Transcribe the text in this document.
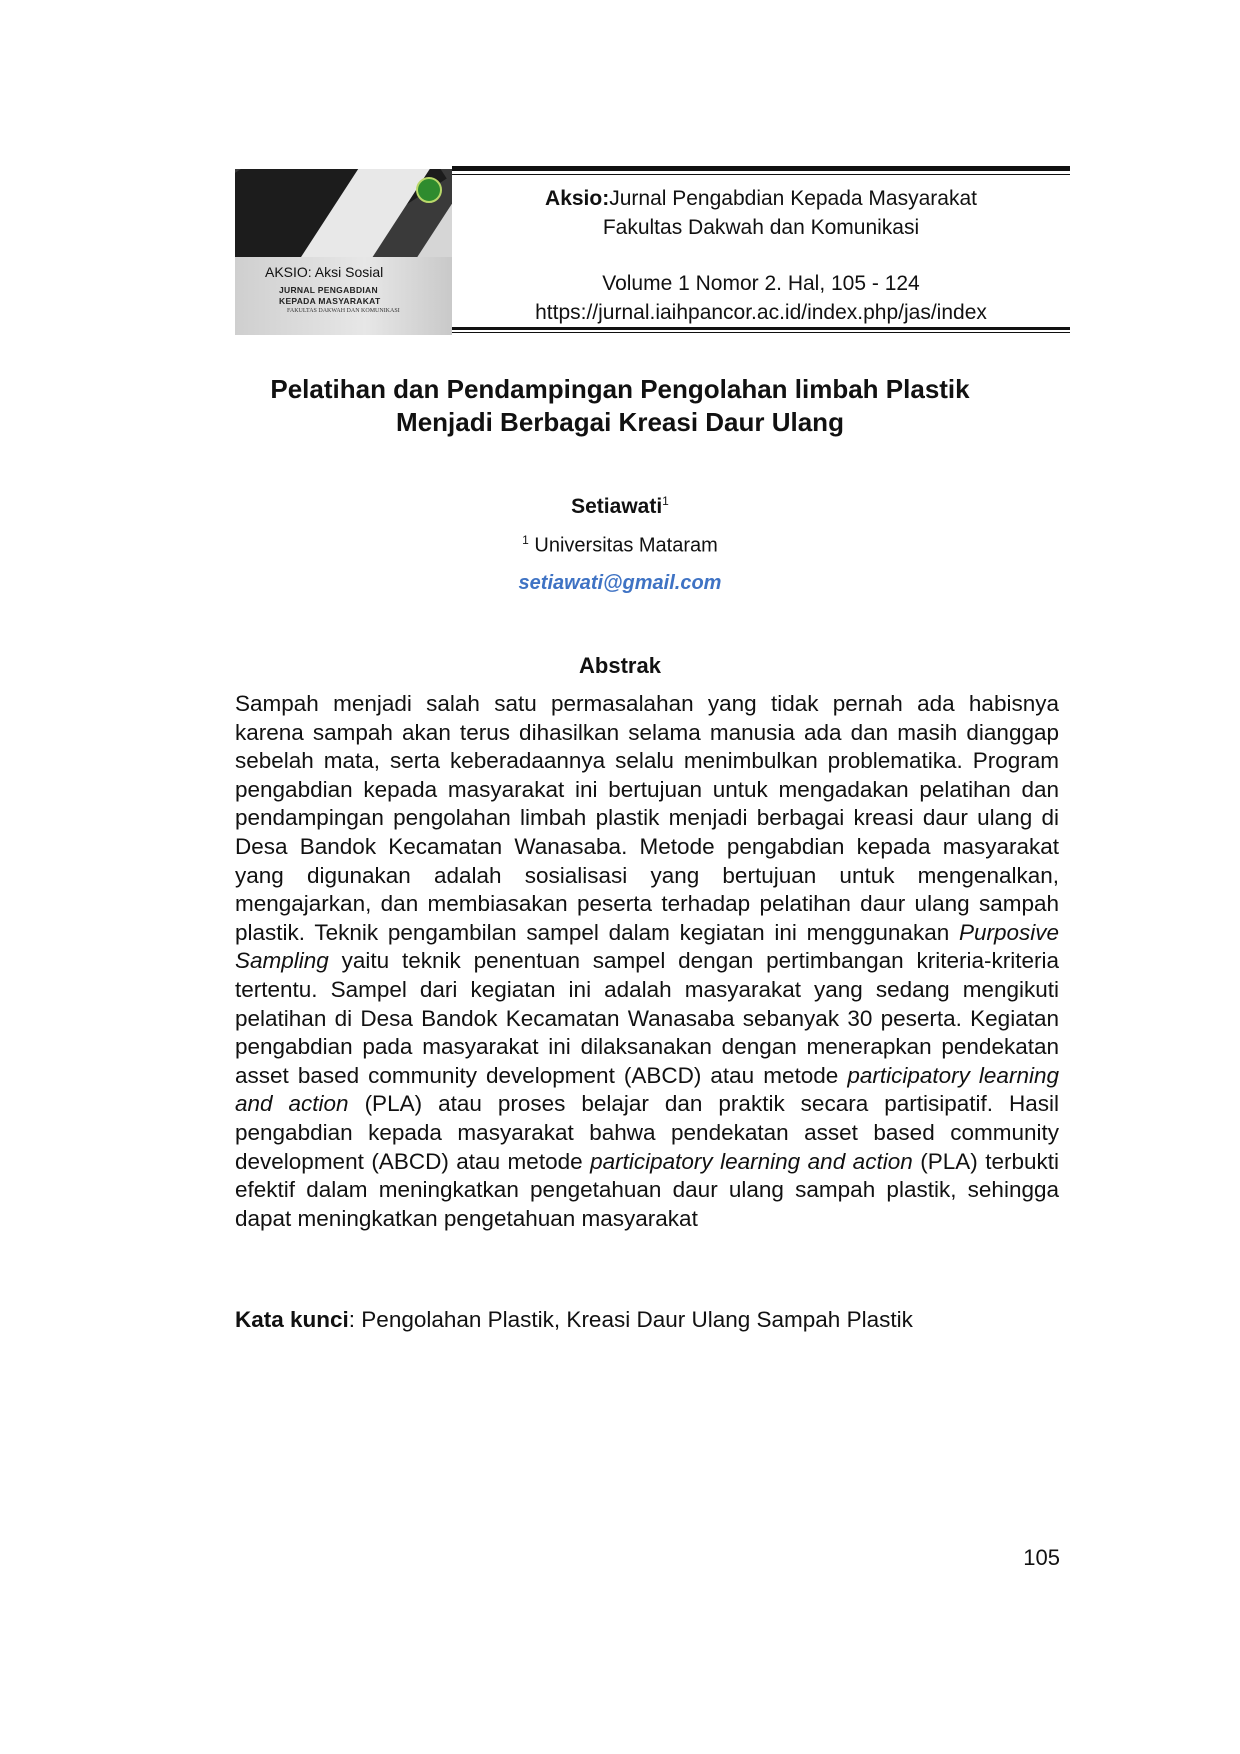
AKSIO: Aksi Sosial
JURNAL PENGABDIAN
KEPADA MASYARAKAT
FAKULTAS DAKWAH DAN KOMUNIKASI
Aksio:Jurnal Pengabdian Kepada Masyarakat
Fakultas Dakwah dan Komunikasi
Volume 1 Nomor 2. Hal, 105 - 124
https://jurnal.iaihpancor.ac.id/index.php/jas/index
Pelatihan dan Pendampingan Pengolahan limbah Plastik
Menjadi Berbagai Kreasi Daur Ulang
Setiawati$^1$
$^1$ Universitas Mataram
setiawati@gmail.com
Abstrak

Sampah menjadi salah satu permasalahan yang tidak pernah ada habisnya karena sampah akan terus dihasilkan selama manusia ada dan masih dianggap sebelah mata, serta keberadaannya selalu menimbulkan problematika. Program pengabdian kepada masyarakat ini bertujuan untuk mengadakan pelatihan dan pendampingan pengolahan limbah plastik menjadi berbagai kreasi daur ulang di Desa Bandok Kecamatan Wanasaba. Metode pengabdian kepada masyarakat yang digunakan adalah sosialisasi yang bertujuan untuk mengenalkan, mengajarkan, dan membiasakan peserta terhadap pelatihan daur ulang sampah plastik. Teknik pengambilan sampel dalam kegiatan ini menggunakan Purposive Sampling yaitu teknik penentuan sampel dengan pertimbangan kriteria-kriteria tertentu. Sampel dari kegiatan ini adalah masyarakat yang sedang mengikuti pelatihan di Desa Bandok Kecamatan Wanasaba sebanyak 30 peserta. Kegiatan pengabdian pada masyarakat ini dilaksanakan dengan menerapkan pendekatan asset based community development (ABCD) atau metode participatory learning and action (PLA) atau proses belajar dan praktik secara partisipatif. Hasil pengabdian kepada masyarakat bahwa pendekatan asset based community development (ABCD) atau metode participatory learning and action (PLA) terbukti efektif dalam meningkatkan pengetahuan daur ulang sampah plastik, sehingga dapat meningkatkan pengetahuan masyarakat

Kata kunci: Pengolahan Plastik, Kreasi Daur Ulang Sampah Plastik
105
